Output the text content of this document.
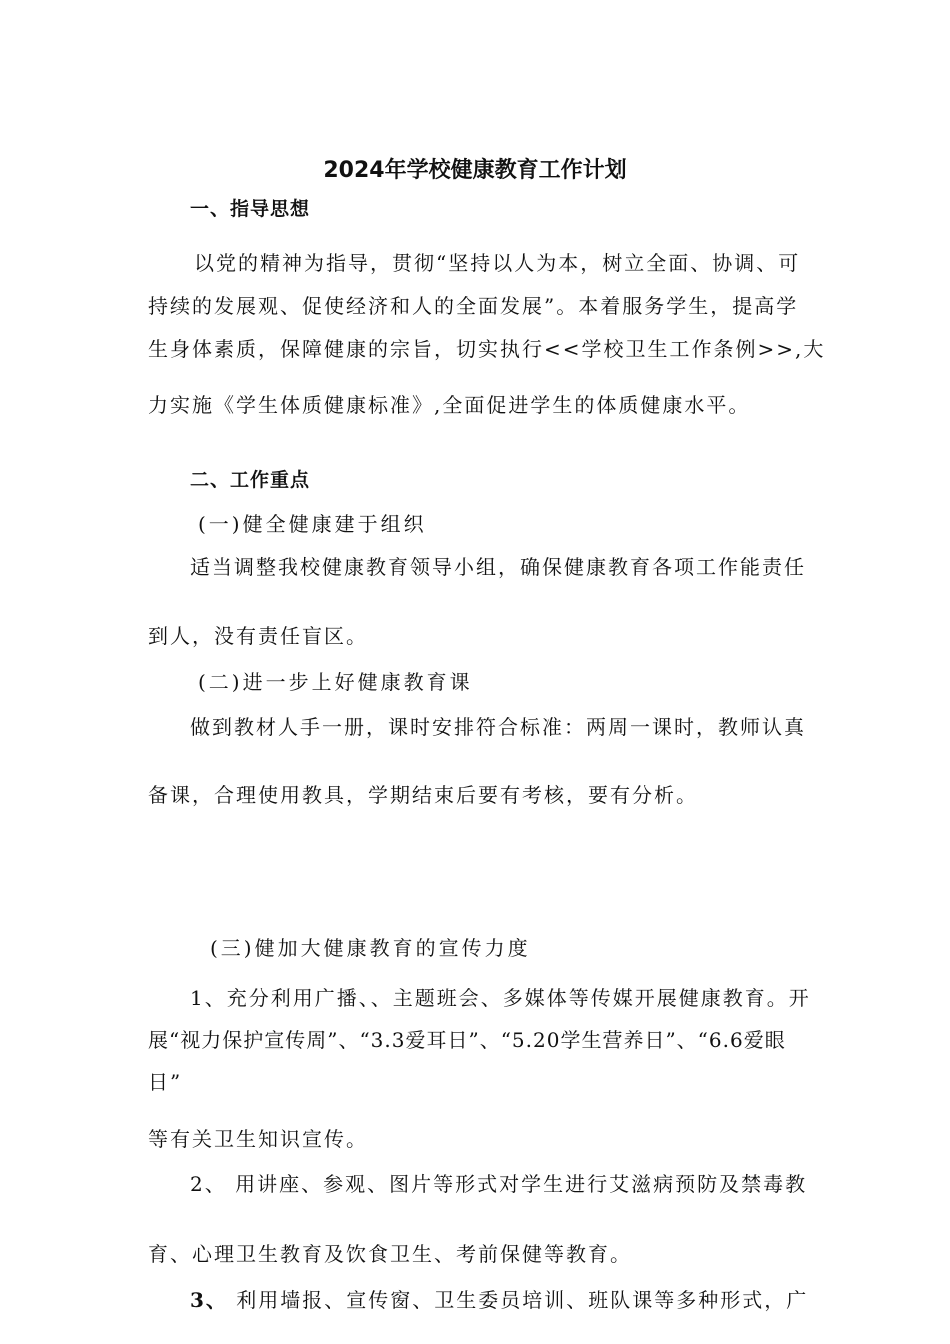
2024年学校健康教育工作计划

一、指导思想

以党的精神为指导，贯彻“坚持以人为本，树立全面、协调、可

持续的发展观、促使经济和人的全面发展”。本着服务学生，提高学

生身体素质，保障健康的宗旨，切实执行<<学校卫生工作条例>>,大

力实施《学生体质健康标准》,全面促进学生的体质健康水平。

二、工作重点

(一)健全健康建于组织

适当调整我校健康教育领导小组，确保健康教育各项工作能责任

到人，没有责任盲区。

(二)进一步上好健康教育课

做到教材人手一册，课时安排符合标准：两周一课时，教师认真

备课，合理使用教具，学期结束后要有考核，要有分析。

(三)健加大健康教育的宣传力度

1、充分利用广播、、主题班会、多媒体等传媒开展健康教育。开

展“视力保护宣传周”、“3.3爱耳日”、“5.20学生营养日”、“6.6爱眼

日”

等有关卫生知识宣传。

2、 用讲座、参观、图片等形式对学生进行艾滋病预防及禁毒教

育、心理卫生教育及饮食卫生、考前保健等教育。

3、 利用墙报、宣传窗、卫生委员培训、班队课等多种形式，广
